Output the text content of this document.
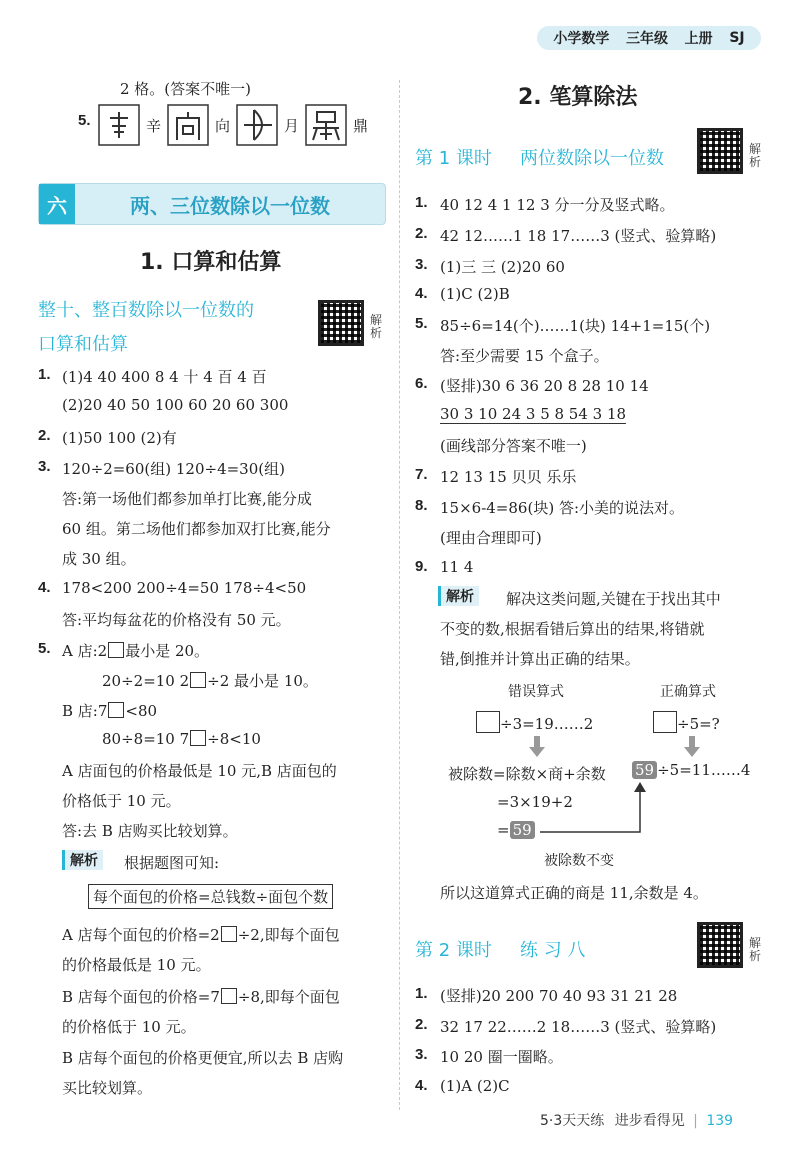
小学数学 三年级 上册 SJ
2 格。(答案不唯一)
5.	辛	向	月	鼎
六	两、三位数除以一位数
1. 口算和估算
整十、整百数除以一位数的
口算和估算
解析
1. (1)4 40 400 8 4 十 4 百 4 百
(2)20 40 50 100 60 20 60 300
2. (1)50 100 (2)有
3. 120÷2=60(组) 120÷4=30(组)
答:第一场他们都参加单打比赛,能分成
60 组。第二场他们都参加双打比赛,能分
成 30 组。
4. 178<200 200÷4=50 178÷4<50
答:平均每盆花的价格没有 50 元。
5. A 店:2 最小是 20。
20÷2=10 2 ÷2 最小是 10。
B 店:7 <80
80÷8=10 7 ÷8<10
A 店面包的价格最低是 10 元,B 店面包的
价格低于 10 元。
答:去 B 店购买比较划算。
解析	根据题图可知:
每个面包的价格=总钱数÷面包个数
A 店每个面包的价格=2 ÷2,即每个面包
的价格最低是 10 元。
B 店每个面包的价格=7 ÷8,即每个面包
的价格低于 10 元。
B 店每个面包的价格更便宜,所以去 B 店购
买比较划算。
2. 笔算除法
第 1 课时 两位数除以一位数	解析
1. 40 12 4 1 12 3 分一分及竖式略。
2. 42 12……1 18 17……3 (竖式、验算略)
3. (1)三 三 (2)20 60
4. (1)C (2)B
5. 85÷6=14(个)……1(块) 14+1=15(个)
答:至少需要 15 个盒子。
6. (竖排)30 6 36 20 8 28 10 14
30 3 10 24 3 5 8 54 3 18
(画线部分答案不唯一)
7. 12 13 15 贝贝 乐乐
8. 15×6-4=86(块) 答:小美的说法对。
(理由合理即可)
9. 11 4
解析	解决这类问题,关键在于找出其中
不变的数,根据看错后算出的结果,将错就
错,倒推并计算出正确的结果。
错误算式	正确算式
÷3=19……2	÷5=?
被除数=除数×商+余数 59 ÷5=11……4
=3×19+2
= 59
被除数不变
所以这道算式正确的商是 11,余数是 4。
第 2 课时 练 习 八	解析
1. (竖排)20 200 70 40 93 31 21 28
2. 32 17 22……2 18……3 (竖式、验算略)
3. 10 20 圈一圈略。
4. (1)A (2)C
5·3天天练 进步看得见 | 139
